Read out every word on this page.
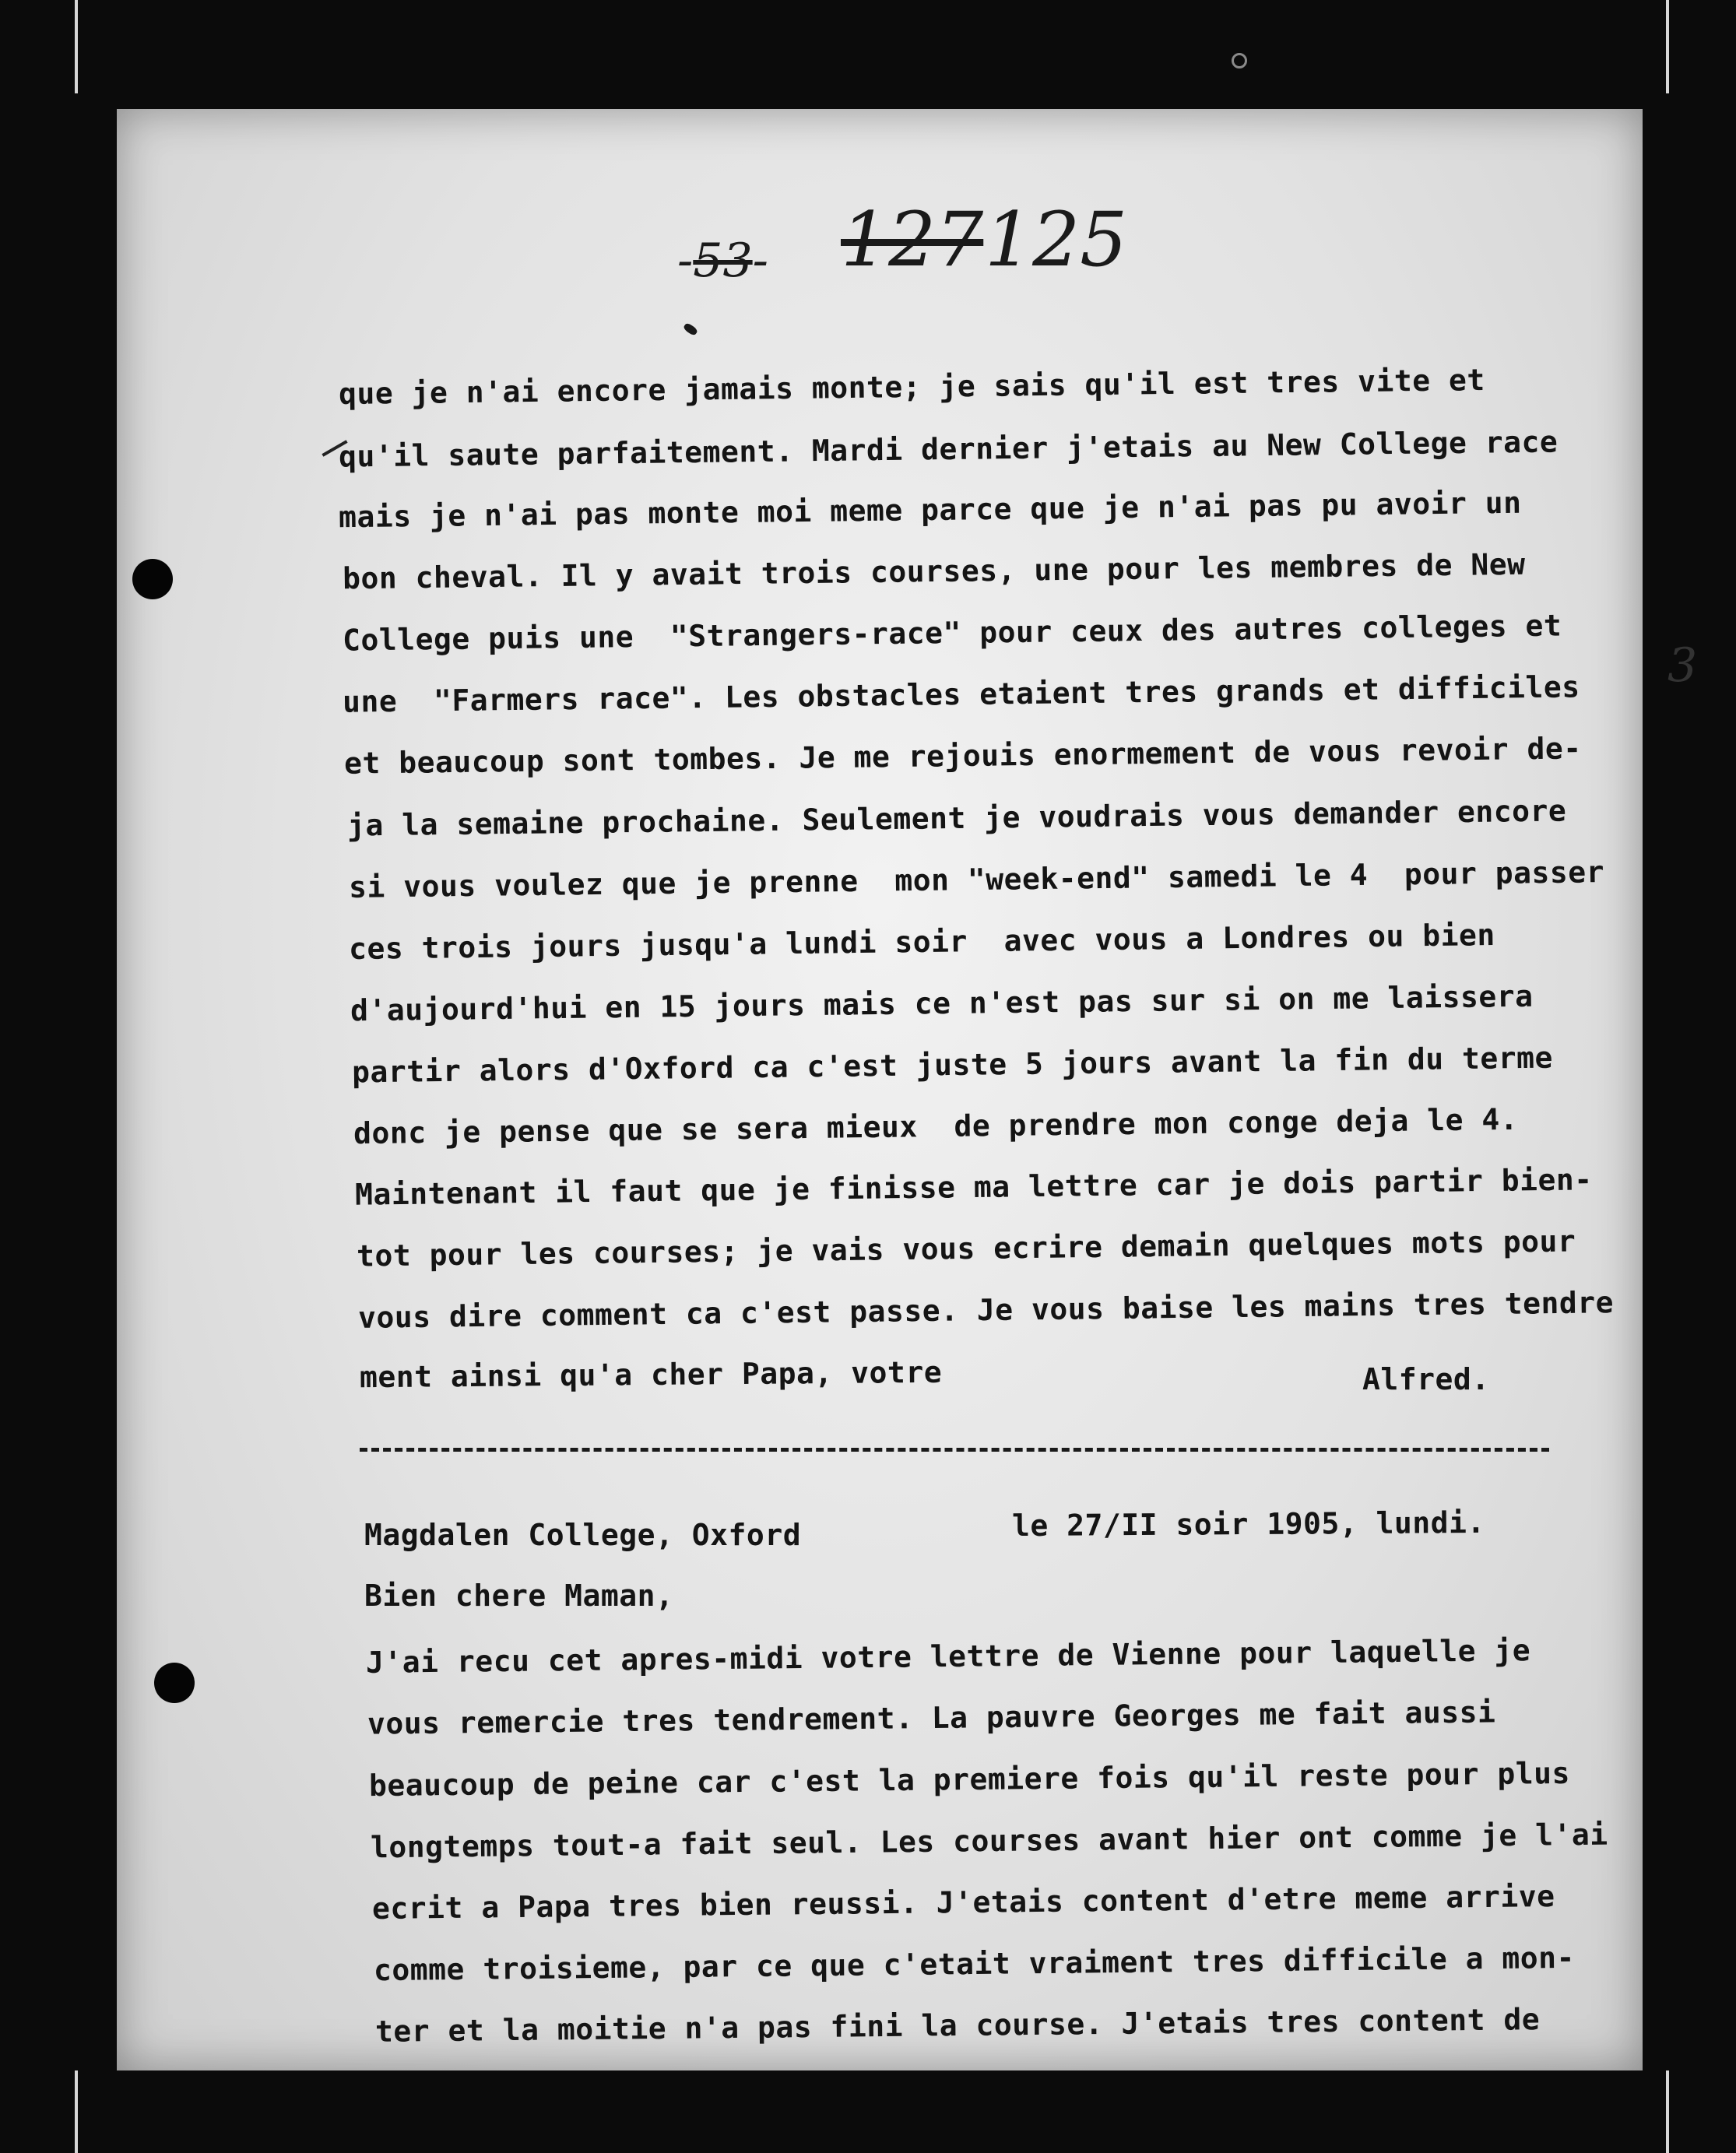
-53- 127 125
3
que je n'ai encore jamais monte; je sais qu'il est tres vite et
qu'il saute parfaitement. Mardi dernier j'etais au New College race
mais je n'ai pas monte moi meme parce que je n'ai pas pu avoir un
bon cheval. Il y avait trois courses, une pour les membres de New
College puis une  "Strangers-race" pour ceux des autres colleges et
une  "Farmers race". Les obstacles etaient tres grands et difficiles
et beaucoup sont tombes. Je me rejouis enormement de vous revoir de-
ja la semaine prochaine. Seulement je voudrais vous demander encore
si vous voulez que je prenne  mon "week-end" samedi le 4  pour passer
ces trois jours jusqu'a lundi soir  avec vous a Londres ou bien
d'aujourd'hui en 15 jours mais ce n'est pas sur si on me laissera
partir alors d'Oxford ca c'est juste 5 jours avant la fin du terme
donc je pense que se sera mieux  de prendre mon conge deja le 4.
Maintenant il faut que je finisse ma lettre car je dois partir bien-
tot pour les courses; je vais vous ecrire demain quelques mots pour
vous dire comment ca c'est passe. Je vous baise les mains tres tendre
ment ainsi qu'a cher Papa, votre	Alfred.
Magdalen College, Oxford	le 27/II soir 1905, lundi.
Bien chere Maman,
J'ai recu cet apres-midi votre lettre de Vienne pour laquelle je
vous remercie tres tendrement. La pauvre Georges me fait aussi
beaucoup de peine car c'est la premiere fois qu'il reste pour plus
longtemps tout-a fait seul. Les courses avant hier ont comme je l'ai
ecrit a Papa tres bien reussi. J'etais content d'etre meme arrive
comme troisieme, par ce que c'etait vraiment tres difficile a mon-
ter et la moitie n'a pas fini la course. J'etais tres content de
